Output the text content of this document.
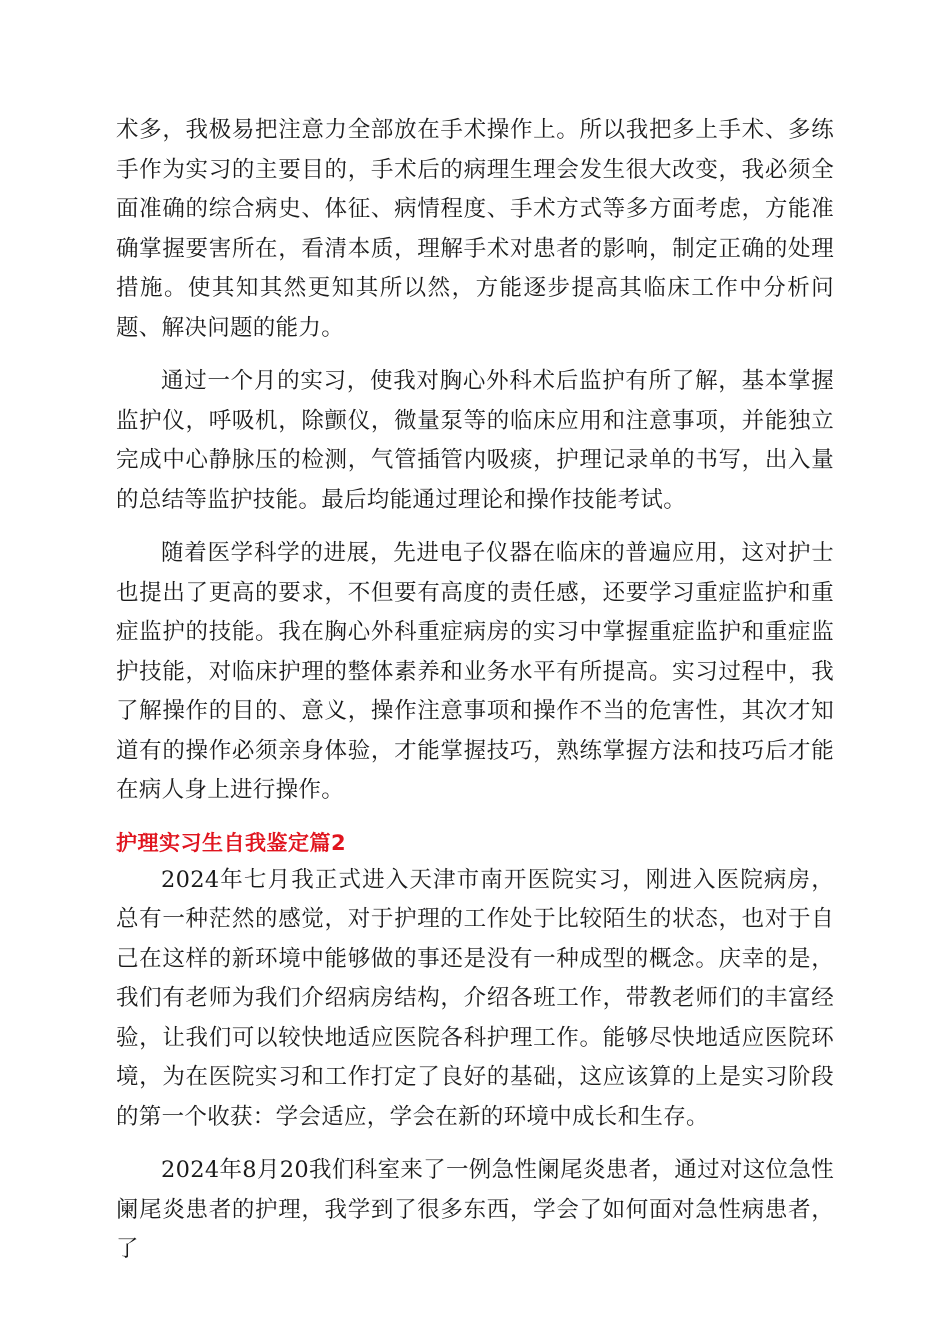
术多，我极易把注意力全部放在手术操作上。所以我把多上手术、多练手作为实习的主要目的，手术后的病理生理会发生很大改变，我必须全面准确的综合病史、体征、病情程度、手术方式等多方面考虑，方能准确掌握要害所在，看清本质，理解手术对患者的影响，制定正确的处理措施。使其知其然更知其所以然，方能逐步提高其临床工作中分析问题、解决问题的能力。

通过一个月的实习，使我对胸心外科术后监护有所了解，基本掌握监护仪，呼吸机，除颤仪，微量泵等的临床应用和注意事项，并能独立完成中心静脉压的检测，气管插管内吸痰，护理记录单的书写，出入量的总结等监护技能。最后均能通过理论和操作技能考试。

随着医学科学的进展，先进电子仪器在临床的普遍应用，这对护士也提出了更高的要求，不但要有高度的责任感，还要学习重症监护和重症监护的技能。我在胸心外科重症病房的实习中掌握重症监护和重症监护技能，对临床护理的整体素养和业务水平有所提高。实习过程中，我了解操作的目的、意义，操作注意事项和操作不当的危害性，其次才知道有的操作必须亲身体验，才能掌握技巧，熟练掌握方法和技巧后才能在病人身上进行操作。

护理实习生自我鉴定篇2

2024年七月我正式进入天津市南开医院实习，刚进入医院病房，总有一种茫然的感觉，对于护理的工作处于比较陌生的状态，也对于自己在这样的新环境中能够做的事还是没有一种成型的概念。庆幸的是，我们有老师为我们介绍病房结构，介绍各班工作，带教老师们的丰富经验，让我们可以较快地适应医院各科护理工作。能够尽快地适应医院环境，为在医院实习和工作打定了良好的基础，这应该算的上是实习阶段的第一个收获：学会适应，学会在新的环境中成长和生存。

2024年8月20我们科室来了一例急性阑尾炎患者，通过对这位急性阑尾炎患者的护理，我学到了很多东西，学会了如何面对急性病患者，了
